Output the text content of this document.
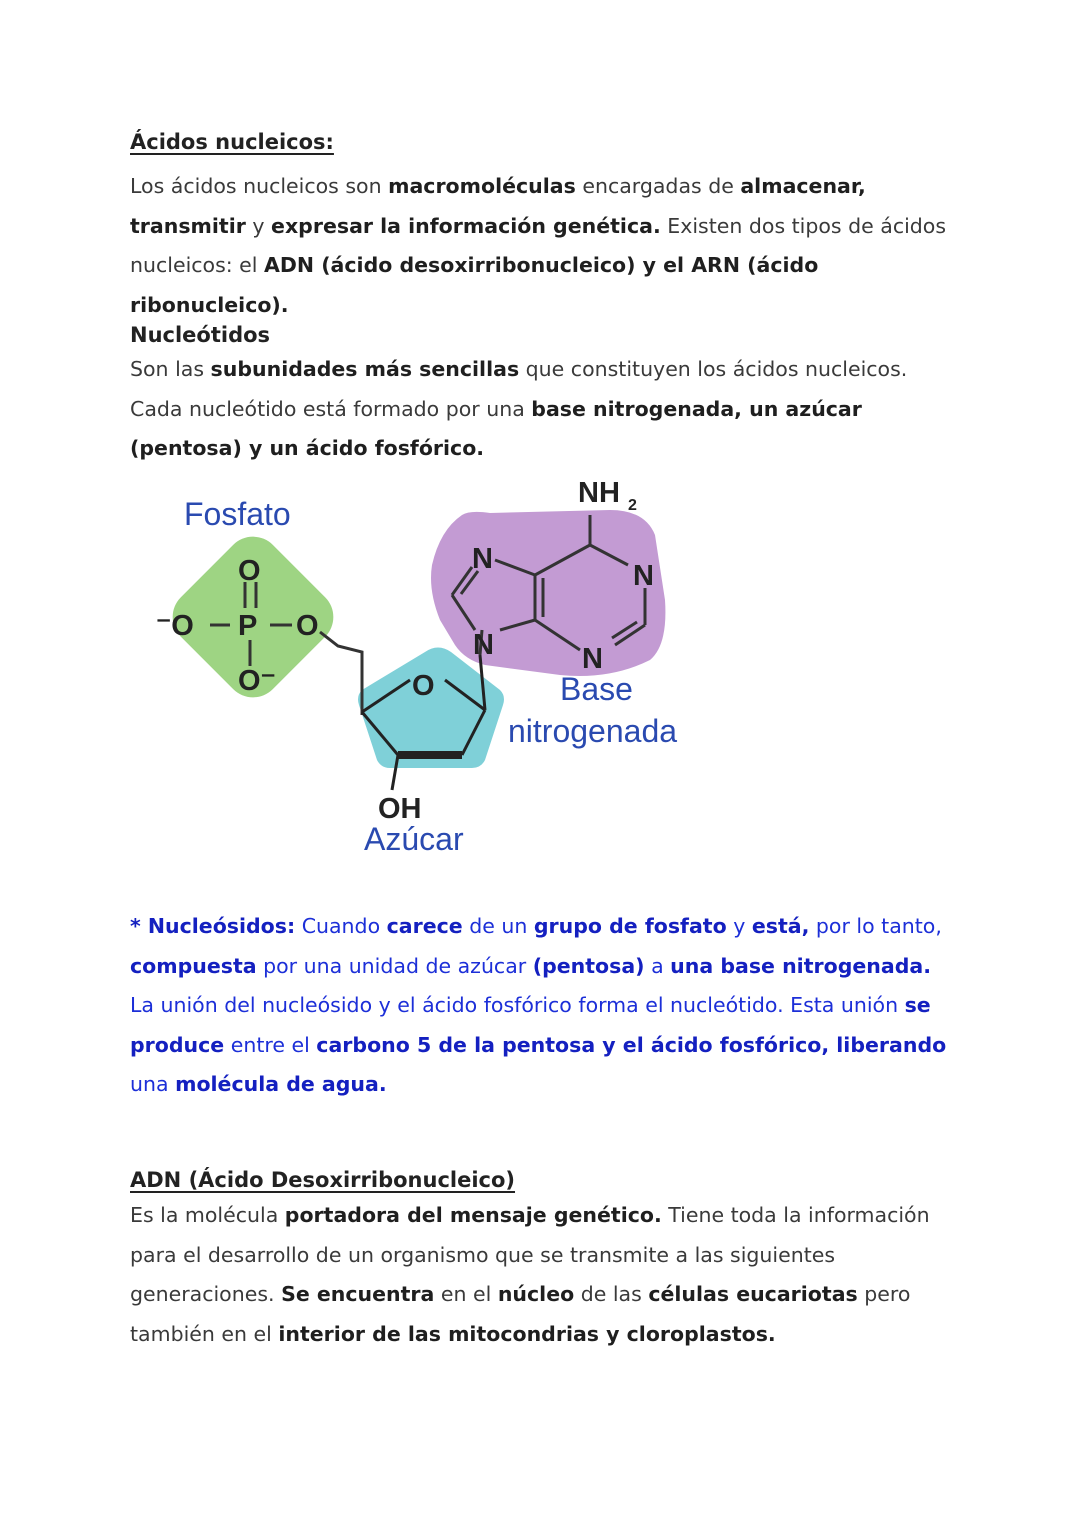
Ácidos nucleicos:
Los ácidos nucleicos son macromoléculas encargadas de almacenar, transmitir y expresar la información genética. Existen dos tipos de ácidos nucleicos: el ADN (ácido desoxirribonucleico) y el ARN (ácido ribonucleico).
Nucleótidos
Son las subunidades más sencillas que constituyen los ácidos nucleicos. Cada nucleótido está formado por una base nitrogenada, un azúcar (pentosa) y un ácido fosfórico.
O
⁻O P O
O⁻	O
OH
NH 2
N
N
N	N
Fosfato
Base
nitrogenada
Azúcar
* Nucleósidos: Cuando carece de un grupo de fosfato y está, por lo tanto, compuesta por una unidad de azúcar (pentosa) a una base nitrogenada. La unión del nucleósido y el ácido fosfórico forma el nucleótido. Esta unión se produce entre el carbono 5 de la pentosa y el ácido fosfórico, liberando una molécula de agua.
ADN (Ácido Desoxirribonucleico)
Es la molécula portadora del mensaje genético. Tiene toda la información para el desarrollo de un organismo que se transmite a las siguientes generaciones. Se encuentra en el núcleo de las células eucariotas pero también en el interior de las mitocondrias y cloroplastos.
